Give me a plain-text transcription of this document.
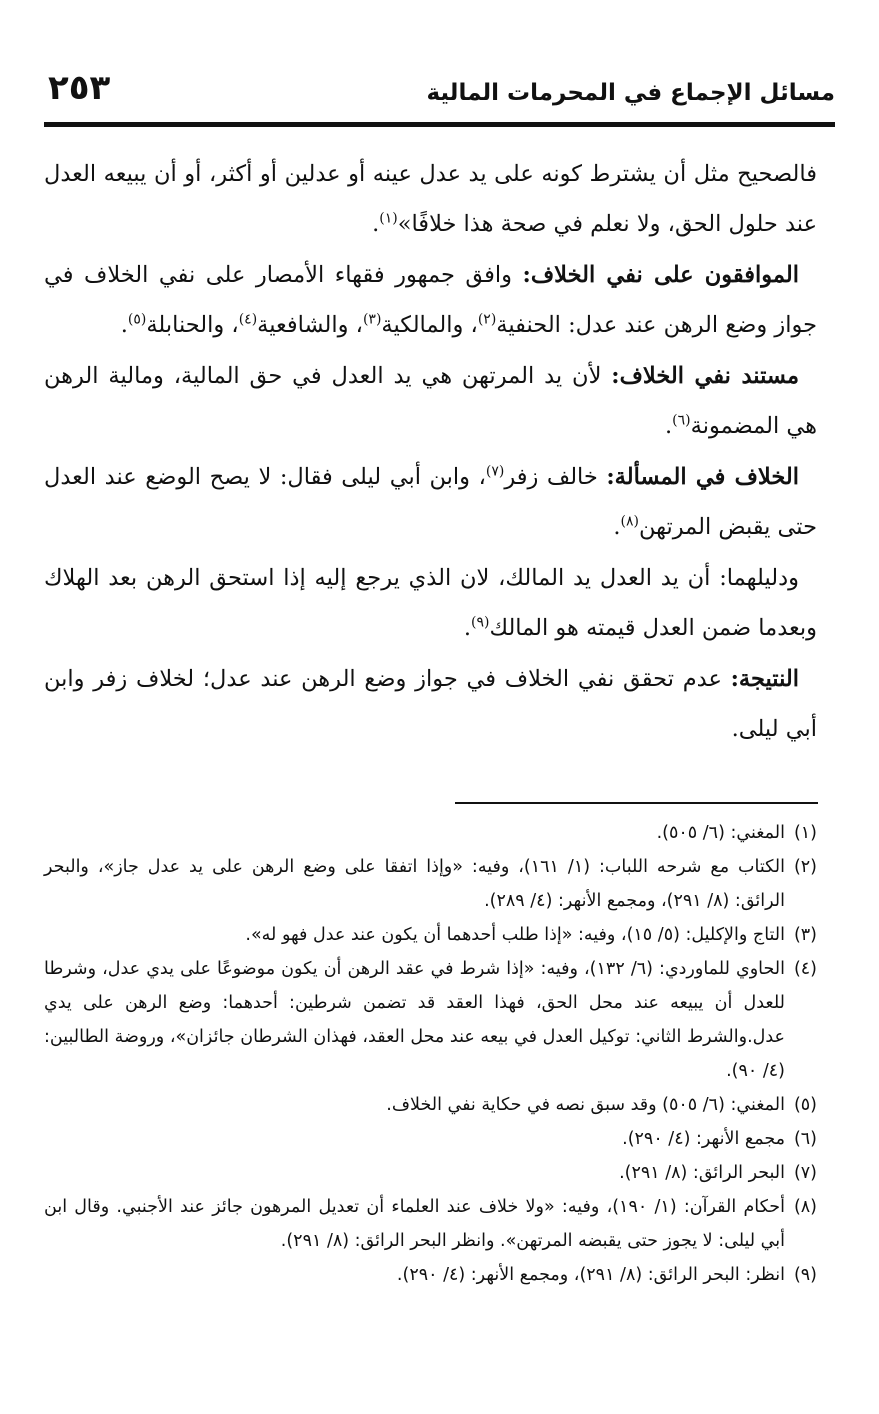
مسائل الإجماع في المحرمات المالية
٢٥٣

فالصحيح مثل أن يشترط كونه على يد عدل عينه أو عدلين أو أكثر، أو أن يبيعه العدل عند حلول الحق، ولا نعلم في صحة هذا خلافًا»$^{(١)}$.

الموافقون على نفي الخلاف: وافق جمهور فقهاء الأمصار على نفي الخلاف في جواز وضع الرهن عند عدل: الحنفية$^{(٢)}$، والمالكية$^{(٣)}$، والشافعية$^{(٤)}$، والحنابلة$^{(٥)}$.

مستند نفي الخلاف: لأن يد المرتهن هي يد العدل في حق المالية، ومالية الرهن هي المضمونة$^{(٦)}$.

الخلاف في المسألة: خالف زفر$^{(٧)}$، وابن أبي ليلى فقال: لا يصح الوضع عند العدل حتى يقبض المرتهن$^{(٨)}$.

ودليلهما: أن يد العدل يد المالك، لان الذي يرجع إليه إذا استحق الرهن بعد الهلاك وبعدما ضمن العدل قيمته هو المالك$^{(٩)}$.

النتيجة: عدم تحقق نفي الخلاف في جواز وضع الرهن عند عدل؛ لخلاف زفر وابن أبي ليلى.

(١)
المغني: (٦/ ٥٠٥).
(٢)
الكتاب مع شرحه اللباب: (١/ ١٦١)، وفيه: «وإذا اتفقا على وضع الرهن على يد عدل جاز»، والبحر الرائق: (٨/ ٢٩١)، ومجمع الأنهر: (٤/ ٢٨٩).
(٣)
التاج والإكليل: (٥/ ١٥)، وفيه: «إذا طلب أحدهما أن يكون عند عدل فهو له».
(٤)
الحاوي للماوردي: (٦/ ١٣٢)، وفيه: «إذا شرط في عقد الرهن أن يكون موضوعًا على يدي عدل، وشرطا للعدل أن يبيعه عند محل الحق، فهذا العقد قد تضمن شرطين: أحدهما: وضع الرهن على يدي عدل.والشرط الثاني: توكيل العدل في بيعه عند محل العقد، فهذان الشرطان جائزان»، وروضة الطالبين: (٤/ ٩٠).
(٥)
المغني: (٦/ ٥٠٥) وقد سبق نصه في حكاية نفي الخلاف.
(٦)
مجمع الأنهر: (٤/ ٢٩٠).
(٧)
البحر الرائق: (٨/ ٢٩١).
(٨)
أحكام القرآن: (١/ ١٩٠)، وفيه: «ولا خلاف عند العلماء أن تعديل المرهون جائز عند الأجنبي. وقال ابن أبي ليلى: لا يجوز حتى يقبضه المرتهن». وانظر البحر الرائق: (٨/ ٢٩١).
(٩)
انظر: البحر الرائق: (٨/ ٢٩١)، ومجمع الأنهر: (٤/ ٢٩٠).
